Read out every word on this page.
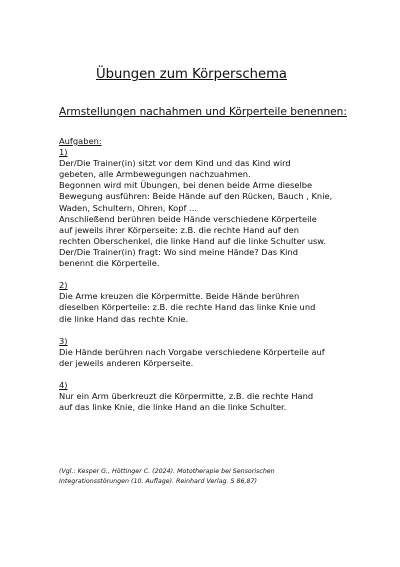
Übungen zum Körperschema
Armstellungen nachahmen und Körperteile benennen:

Aufgaben:

1)

Der/Die Trainer(in) sitzt vor dem Kind und das Kind wird

gebeten, alle Armbewegungen nachzuahmen.

Begonnen wird mit Übungen, bei denen beide Arme dieselbe

Bewegung ausführen: Beide Hände auf den Rücken, Bauch , Knie,

Waden, Schultern, Ohren, Kopf ...

Anschließend berühren beide Hände verschiedene Körperteile

auf jeweils ihrer Körperseite: z.B. die rechte Hand auf den

rechten Oberschenkel, die linke Hand auf die linke Schulter usw.

Der/Die Trainer(in) fragt: Wo sind meine Hände? Das Kind

benennt die Körperteile.

2)

Die Arme kreuzen die Körpermitte. Beide Hände berühren

dieselben Körperteile: z.B. die rechte Hand das linke Knie und

die linke Hand das rechte Knie.

3)

Die Hände berühren nach Vorgabe verschiedene Körperteile auf

der jeweils anderen Körperseite.

4)

Nur ein Arm überkreuzt die Körpermitte, z.B. die rechte Hand

auf das linke Knie, die linke Hand an die linke Schulter.

(Vgl.: Kesper G., Höttinger C. (2024). Mototherapie bei Sensorischen

Integrationsstörungen (10. Auflage). Reinhard Verlag. S 86,87)
